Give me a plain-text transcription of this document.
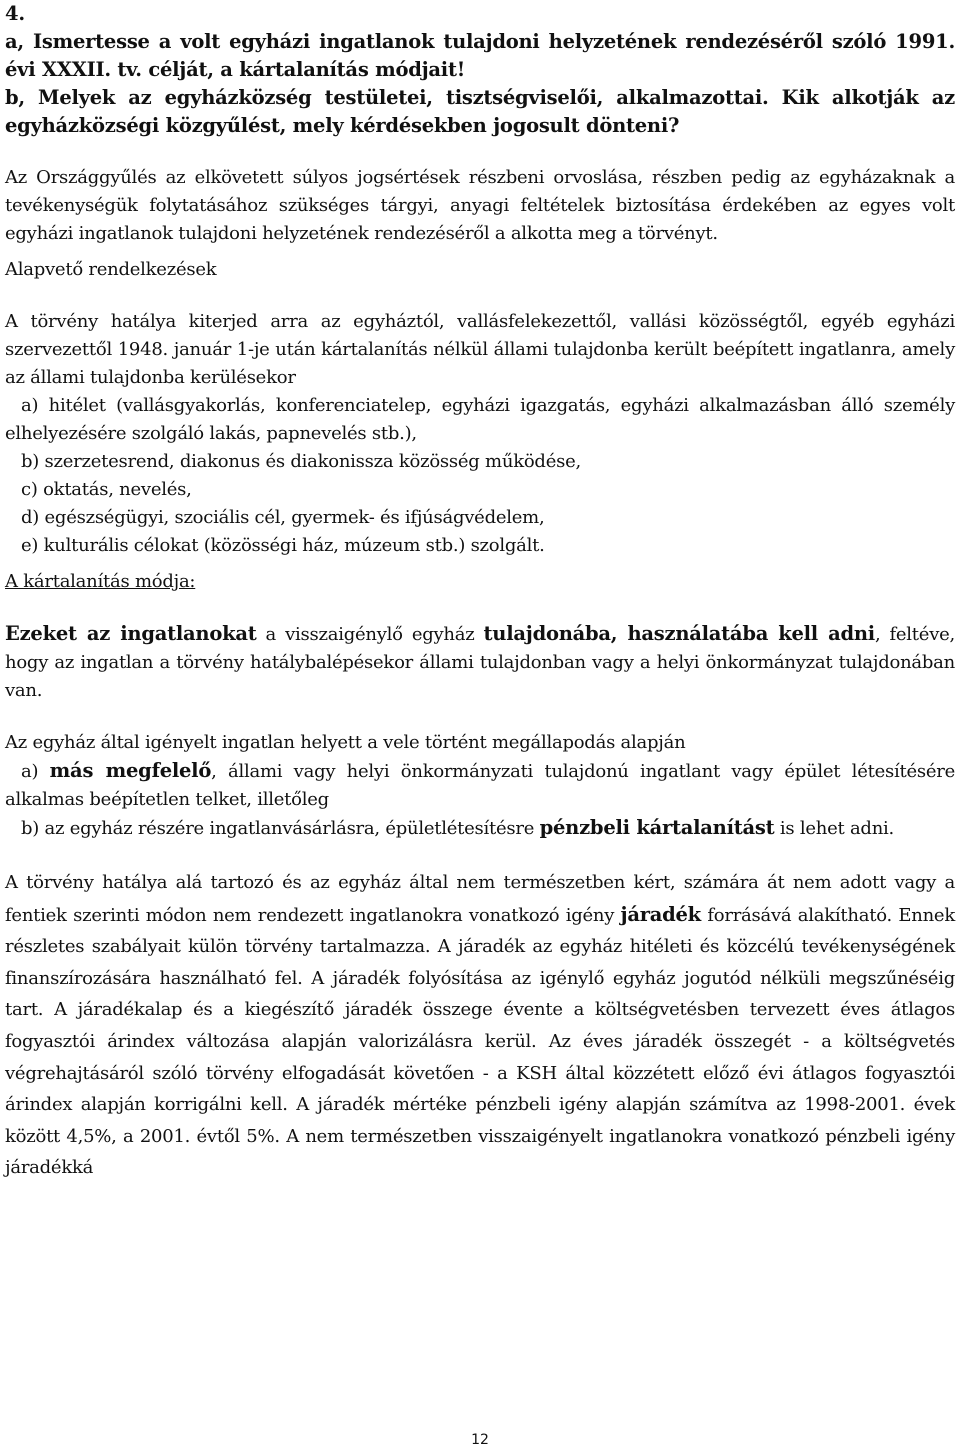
4.

a, Ismertesse a volt egyházi ingatlanok tulajdoni helyzetének rendezéséről szóló 1991. évi XXXII. tv. célját, a kártalanítás módjait!

b, Melyek az egyházközség testületei, tisztségviselői, alkalmazottai. Kik alkotják az egyházközségi közgyűlést, mely kérdésekben jogosult dönteni?

Az Országgyűlés az elkövetett súlyos jogsértések részbeni orvoslása, részben pedig az egyházaknak a tevékenységük folytatásához szükséges tárgyi, anyagi feltételek biztosítása érdekében az egyes volt egyházi ingatlanok tulajdoni helyzetének rendezéséről a alkotta meg a törvényt.

Alapvető rendelkezések

A törvény hatálya kiterjed arra az egyháztól, vallásfelekezettől, vallási közösségtől, egyéb egyházi szervezettől 1948. január 1-je után kártalanítás nélkül állami tulajdonba került beépített ingatlanra, amely az állami tulajdonba kerülésekor

a) hitélet (vallásgyakorlás, konferenciatelep, egyházi igazgatás, egyházi alkalmazásban álló személy elhelyezésére szolgáló lakás, papnevelés stb.),

b) szerzetesrend, diakonus és diakonissza közösség működése,

c) oktatás, nevelés,

d) egészségügyi, szociális cél, gyermek- és ifjúságvédelem,

e) kulturális célokat (közösségi ház, múzeum stb.) szolgált.

A kártalanítás módja:

Ezeket az ingatlanokat a visszaigénylő egyház tulajdonába, használatába kell adni, feltéve, hogy az ingatlan a törvény hatálybalépésekor állami tulajdonban vagy a helyi önkormányzat tulajdonában van.

Az egyház által igényelt ingatlan helyett a vele történt megállapodás alapján

a) más megfelelő, állami vagy helyi önkormányzati tulajdonú ingatlant vagy épület létesítésére alkalmas beépítetlen telket, illetőleg

b) az egyház részére ingatlanvásárlásra, épületlétesítésre pénzbeli kártalanítást is lehet adni.

A törvény hatálya alá tartozó és az egyház által nem természetben kért, számára át nem adott vagy a fentiek szerinti módon nem rendezett ingatlanokra vonatkozó igény járadék forrásává alakítható. Ennek részletes szabályait külön törvény tartalmazza. A járadék az egyház hitéleti és közcélú tevékenységének finanszírozására használható fel. A járadék folyósítása az igénylő egyház jogutód nélküli megszűnéséig tart. A járadékalap és a kiegészítő járadék összege évente a költségvetésben tervezett éves átlagos fogyasztói árindex változása alapján valorizálásra kerül. Az éves járadék összegét - a költségvetés végrehajtásáról szóló törvény elfogadását követően - a KSH által közzétett előző évi átlagos fogyasztói árindex alapján korrigálni kell. A járadék mértéke pénzbeli igény alapján számítva az 1998-2001. évek között 4,5%, a 2001. évtől 5%. A nem természetben visszaigényelt ingatlanokra vonatkozó pénzbeli igény járadékká

12
